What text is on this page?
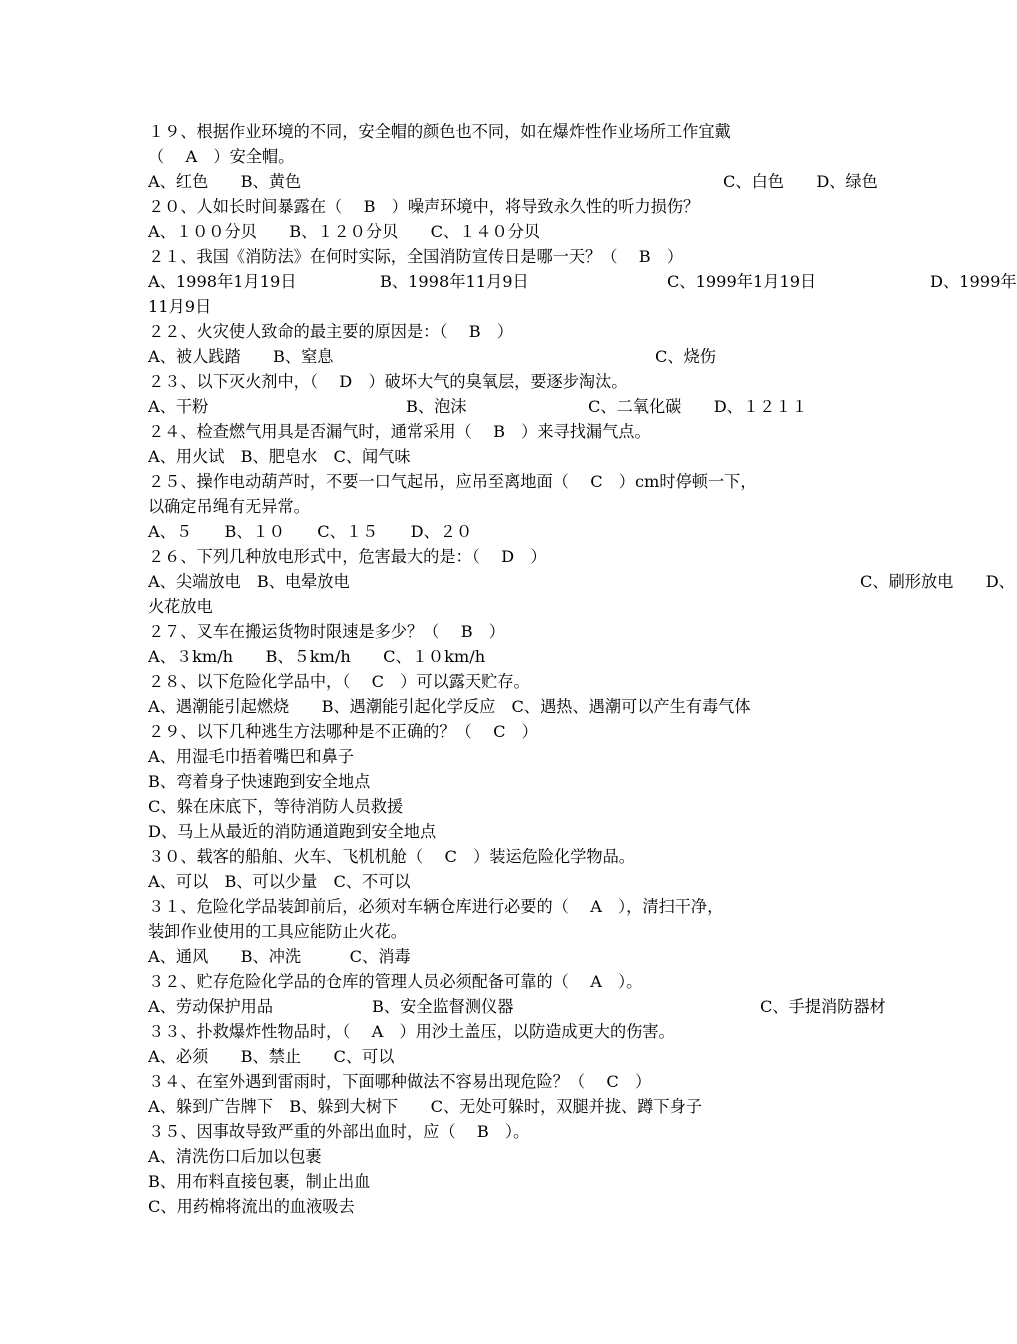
１９、根据作业环境的不同，安全帽的颜色也不同，如在爆炸性作业场所工作宜戴
（　 A　）安全帽。
A、红色　　B、黄色	C、白色　　D、绿色
２０、人如长时间暴露在（　 B　）噪声环境中，将导致永久性的听力损伤？
A、１００分贝　　B、１２０分贝　　C、１４０分贝
２１、我国《消防法》在何时实际，全国消防宣传日是哪一天？（　 B　）
A、1998年1月19日	B、1998年11月9日	C、1999年1月19日	D、1999年
11月9日
２２、火灾使人致命的最主要的原因是：（　 B　）
A、被人践踏　　B、窒息	C、烧伤
２３、以下灭火剂中，（　 D　）破坏大气的臭氧层，要逐步淘汰。
A、干粉	B、泡沫	C、二氧化碳　　D、１２１１
２４、检查燃气用具是否漏气时，通常采用（　 B　）来寻找漏气点。
A、用火试　B、肥皂水　C、闻气味
２５、操作电动葫芦时，不要一口气起吊，应吊至离地面（　 C　）cm时停顿一下，
以确定吊绳有无异常。
A、５　　B、１０　　C、１５　　D、２０
２６、下列几种放电形式中，危害最大的是：（　 D　）
A、尖端放电　B、电晕放电	C、刷形放电　　D、
火花放电
２７、叉车在搬运货物时限速是多少？（　 B　）
A、３km/h　　B、５km/h　　C、１０km/h
２８、以下危险化学品中，（　 C　）可以露天贮存。
A、遇潮能引起燃烧　　B、遇潮能引起化学反应　C、遇热、遇潮可以产生有毒气体
２９、以下几种逃生方法哪种是不正确的？（　 C　）
A、用湿毛巾捂着嘴巴和鼻子
B、弯着身子快速跑到安全地点
C、躲在床底下，等待消防人员救援
D、马上从最近的消防通道跑到安全地点
３０、载客的船舶、火车、飞机机舱（　 C　）装运危险化学物品。
A、可以　B、可以少量　C、不可以
３１、危险化学品装卸前后，必须对车辆仓库进行必要的（　 A　），清扫干净，
装卸作业使用的工具应能防止火花。
A、通风　　B、冲洗　　　C、消毒
３２、贮存危险化学品的仓库的管理人员必须配备可靠的（　 A　）。
A、劳动保护用品	B、安全监督测仪器	C、手提消防器材
３３、扑救爆炸性物品时，（　 A　）用沙土盖压，以防造成更大的伤害。
A、必须　　B、禁止　　C、可以
３４、在室外遇到雷雨时，下面哪种做法不容易出现危险？（　 C　）
A、躲到广告牌下　B、躲到大树下　　C、无处可躲时，双腿并拢、蹲下身子
３５、因事故导致严重的外部出血时，应（　 B　）。
A、清洗伤口后加以包裹
B、用布料直接包裹，制止出血
C、用药棉将流出的血液吸去
